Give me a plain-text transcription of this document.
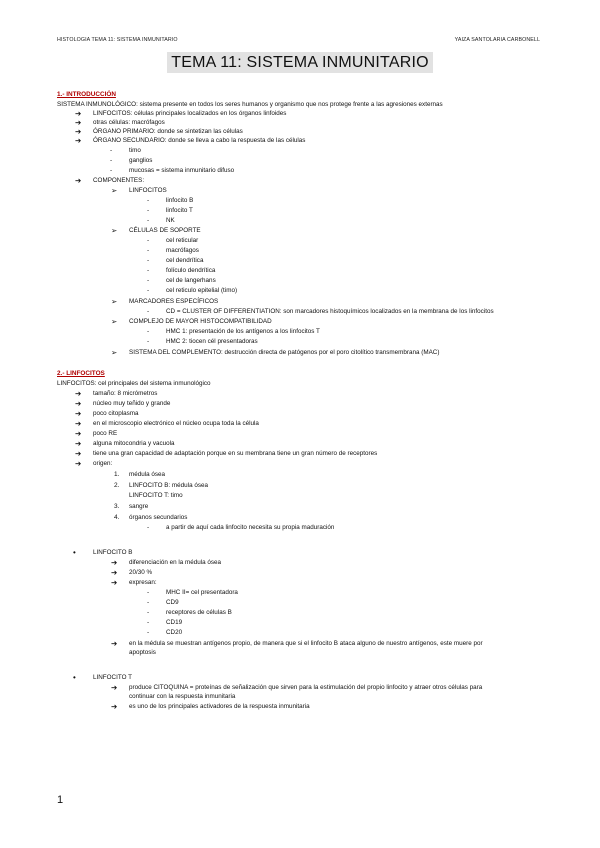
HISTOLOGIA TEMA 11: SISTEMA INMUNITARIO	YAIZA SANTOLARIA CARBONELL
TEMA 11: SISTEMA INMUNITARIO
1.- INTRODUCCIÓN
SISTEMA INMUNOLÓGICO: sistema presente en todos los seres humanos y organismo que nos protege frente a las agresiones externas
➔ LINFOCITOS: células principales localizados en los órganos linfoides
➔ otras células: macrófagos
➔ ÓRGANO PRIMARIO: donde se sintetizan las células
➔ ÓRGANO SECUNDARIO: donde se lleva a cabo la respuesta de las células
-	timo
-	ganglios
-	mucosas = sistema inmunitario difuso
➔ COMPONENTES:
➢ LINFOCITOS
-	linfocito B
-	linfocito T
-	NK
➢ CÉLULAS DE SOPORTE
-	cel reticular
-	macrófagos
-	cel dendrítica
-	folículo dendrítica
-	cel de langerhans
-	cel reticulo epitelial (timo)
➢ MARCADORES ESPECÍFICOS
-	CD = CLUSTER OF DIFFERENTIATION: son marcadores histoquímicos localizados en la membrana de los linfocitos
➢ COMPLEJO DE MAYOR HISTOCOMPATIBILIDAD
-	HMC 1: presentación de los antígenos a los linfocitos T
-	HMC 2: tiocen cél presentadoras
➢ SISTEMA DEL COMPLEMENTO: destrucción directa de patógenos por el poro citolítico transmembrana (MAC)
2.- LINFOCITOS
LINFOCITOS: cel principales del sistema inmunológico
➔ tamaño: 8 micrómetros
➔ núcleo muy teñido y grande
➔ poco citoplasma
➔ en el microscopio electrónico el núcleo ocupa toda la célula
➔ poco RE
➔ alguna mitocondria y vacuola
➔ tiene una gran capacidad de adaptación porque en su membrana tiene un gran número de receptores
➔ origen:
1. médula ósea
2. LINFOCITO B: médula ósea
LINFOCITO T: timo
3. sangre
4. órganos secundarios
-	a partir de aquí cada linfocito necesita su propia maduración
•	LINFOCITO B
➔ diferenciación en la médula ósea
➔ 20/30 %
➔ expresan:
-	MHC II= cel presentadora
-	CD9
-	receptores de células B
-	CD19
-	CD20
➔ en la médula se muestran antígenos propio, de manera que si el linfocito B ataca alguno de nuestro antígenos, este muere por
apoptosis
•	LINFOCITO T
➔ produce CITOQUINA = proteínas de señalización que sirven para la estimulación del propio linfocito y atraer otros células para
continuar con la respuesta inmunitaria
➔ es uno de los principales activadores de la respuesta inmunitaria
1
